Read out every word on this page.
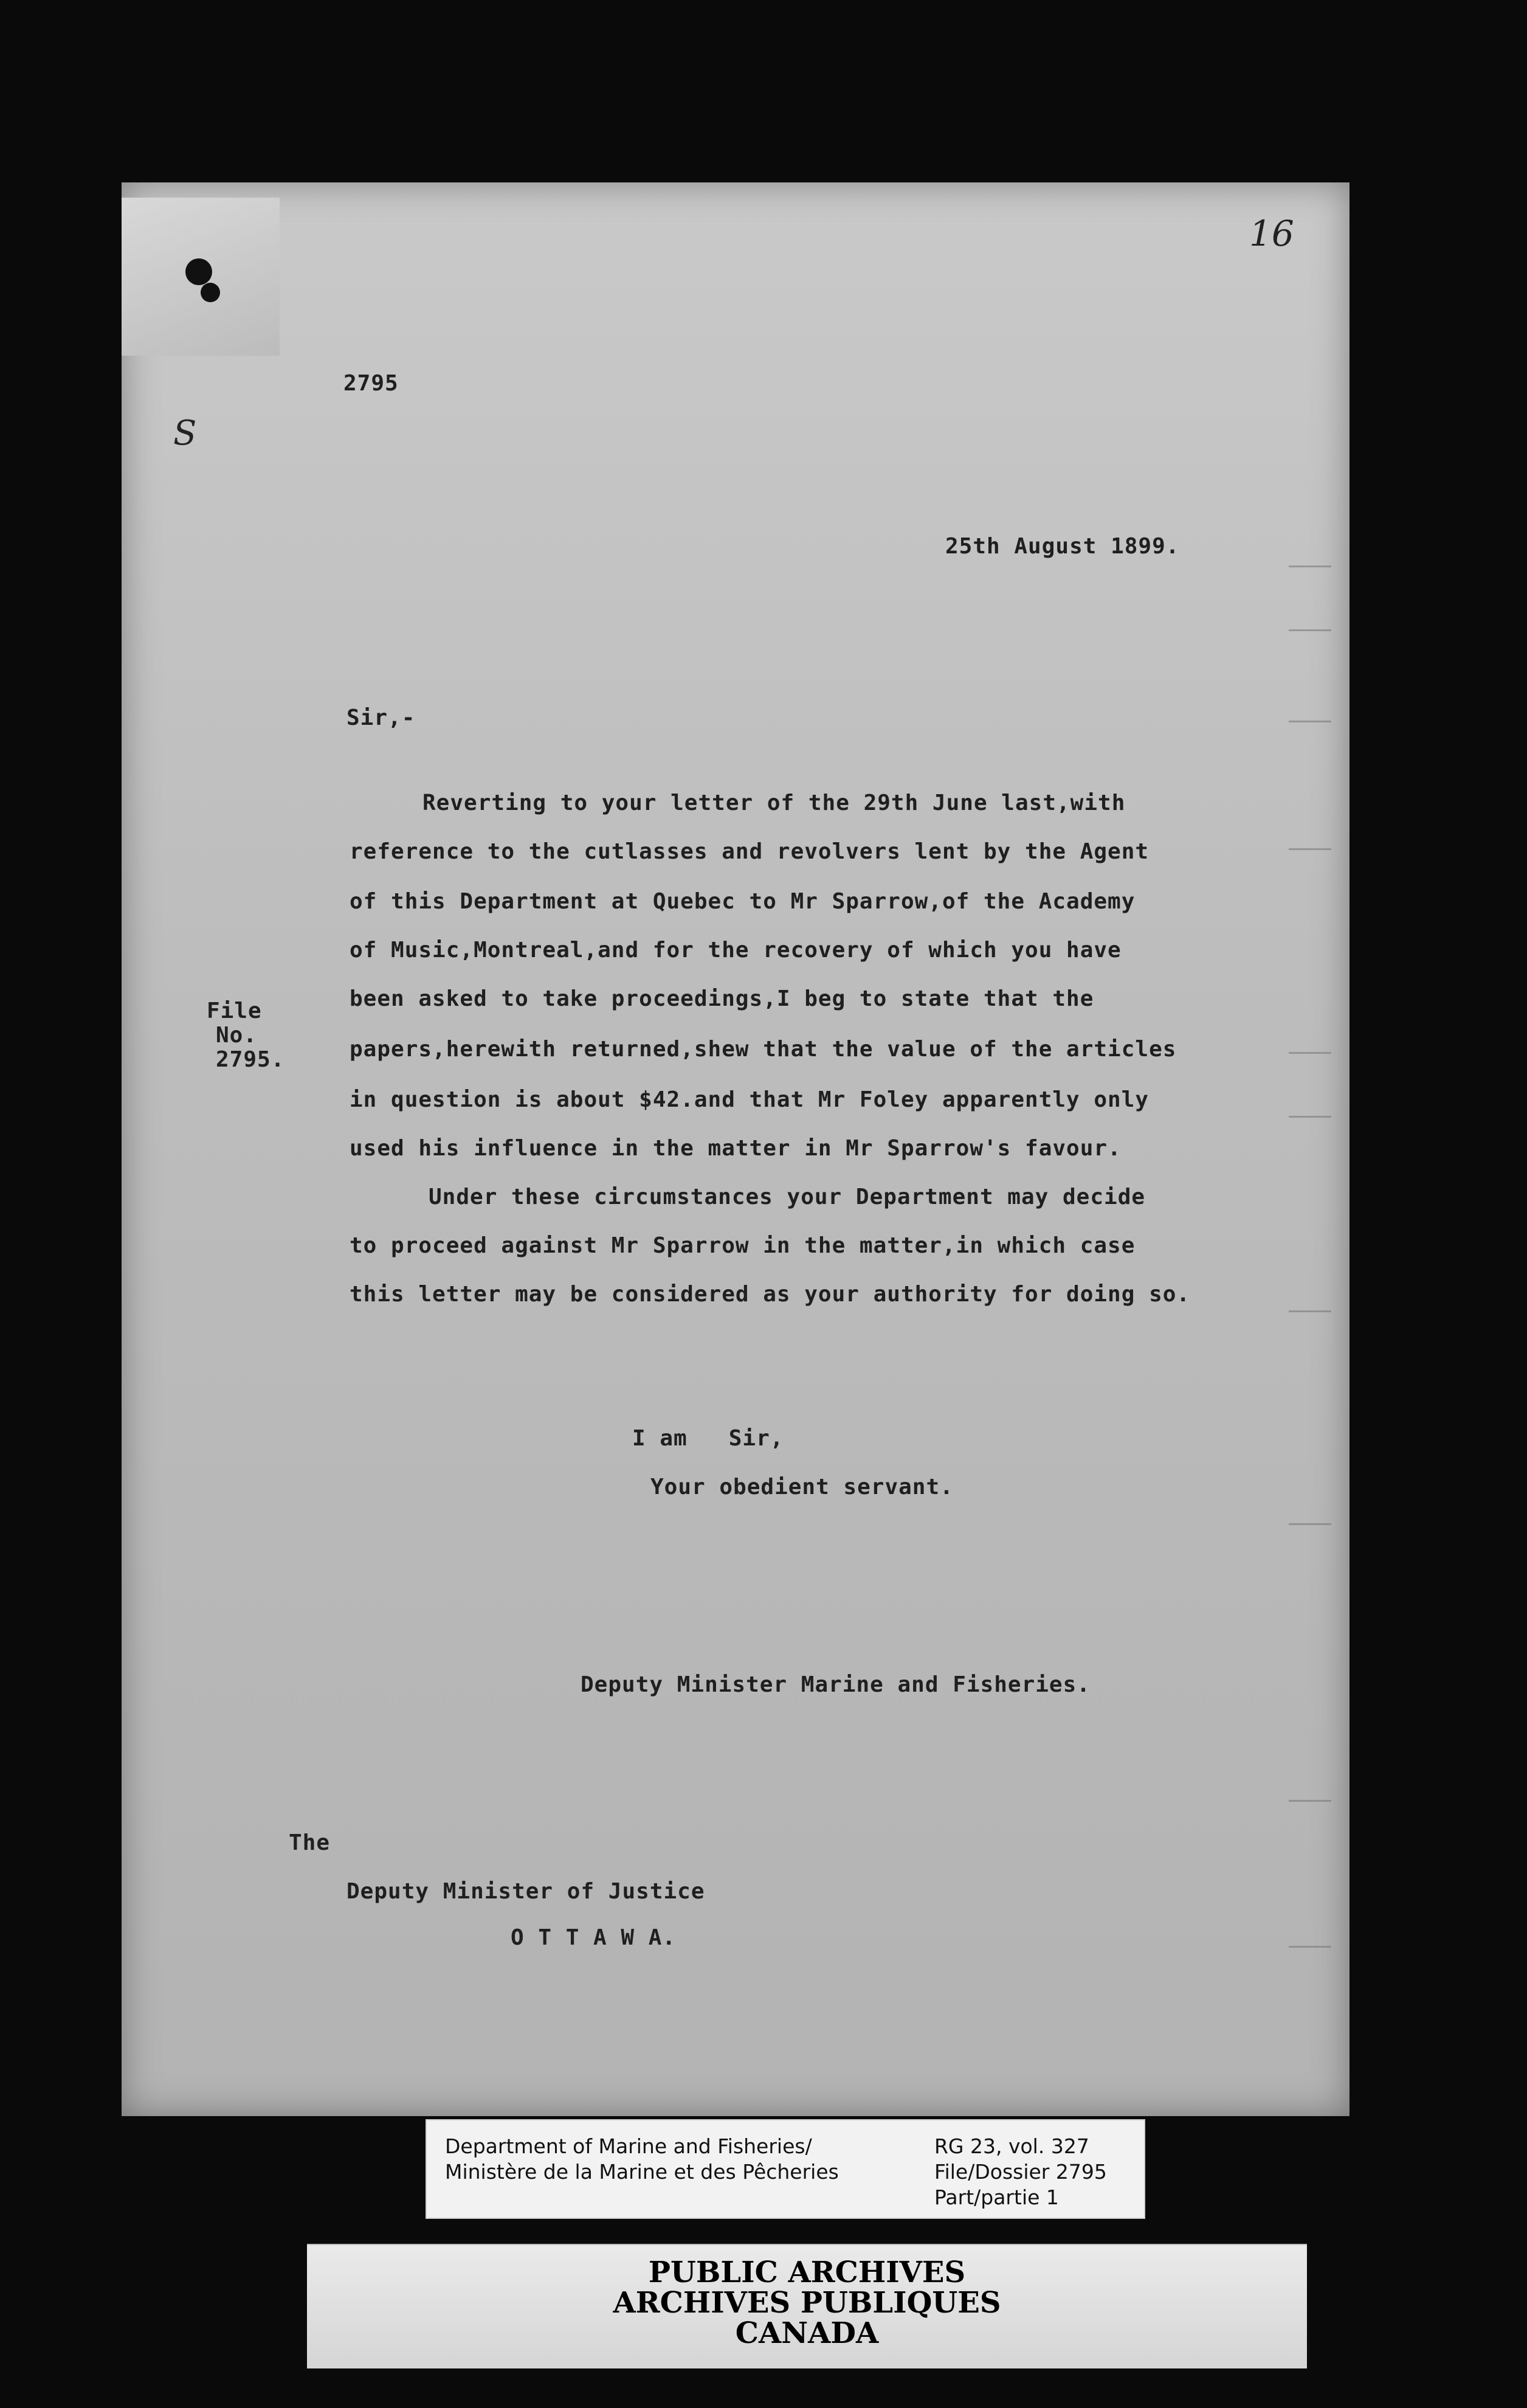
16
2795
S
25th August 1899.
Sir,-
Reverting to your letter of the 29th June last,with
reference to the cutlasses and revolvers lent by the Agent
of this Department at Quebec to Mr Sparrow,of the Academy
of Music,Montreal,and for the recovery of which you have
been asked to take proceedings,I beg to state that the
papers,herewith returned,shew that the value of the articles
in question is about $42.and that Mr Foley apparently only
used his influence in the matter in Mr Sparrow's favour.
Under these circumstances your Department may decide
to proceed against Mr Sparrow in the matter,in which case
this letter may be considered as your authority for doing so.
File
No.
2795.
I am   Sir,
Your obedient servant.
Deputy Minister Marine and Fisheries.
The
Deputy Minister of Justice
O T T A W A.
Department of Marine and Fisheries/
Ministère de la Marine et des Pêcheries
RG 23, vol. 327
File/Dossier 2795
Part/partie 1
PUBLIC ARCHIVES
ARCHIVES PUBLIQUES
CANADA
